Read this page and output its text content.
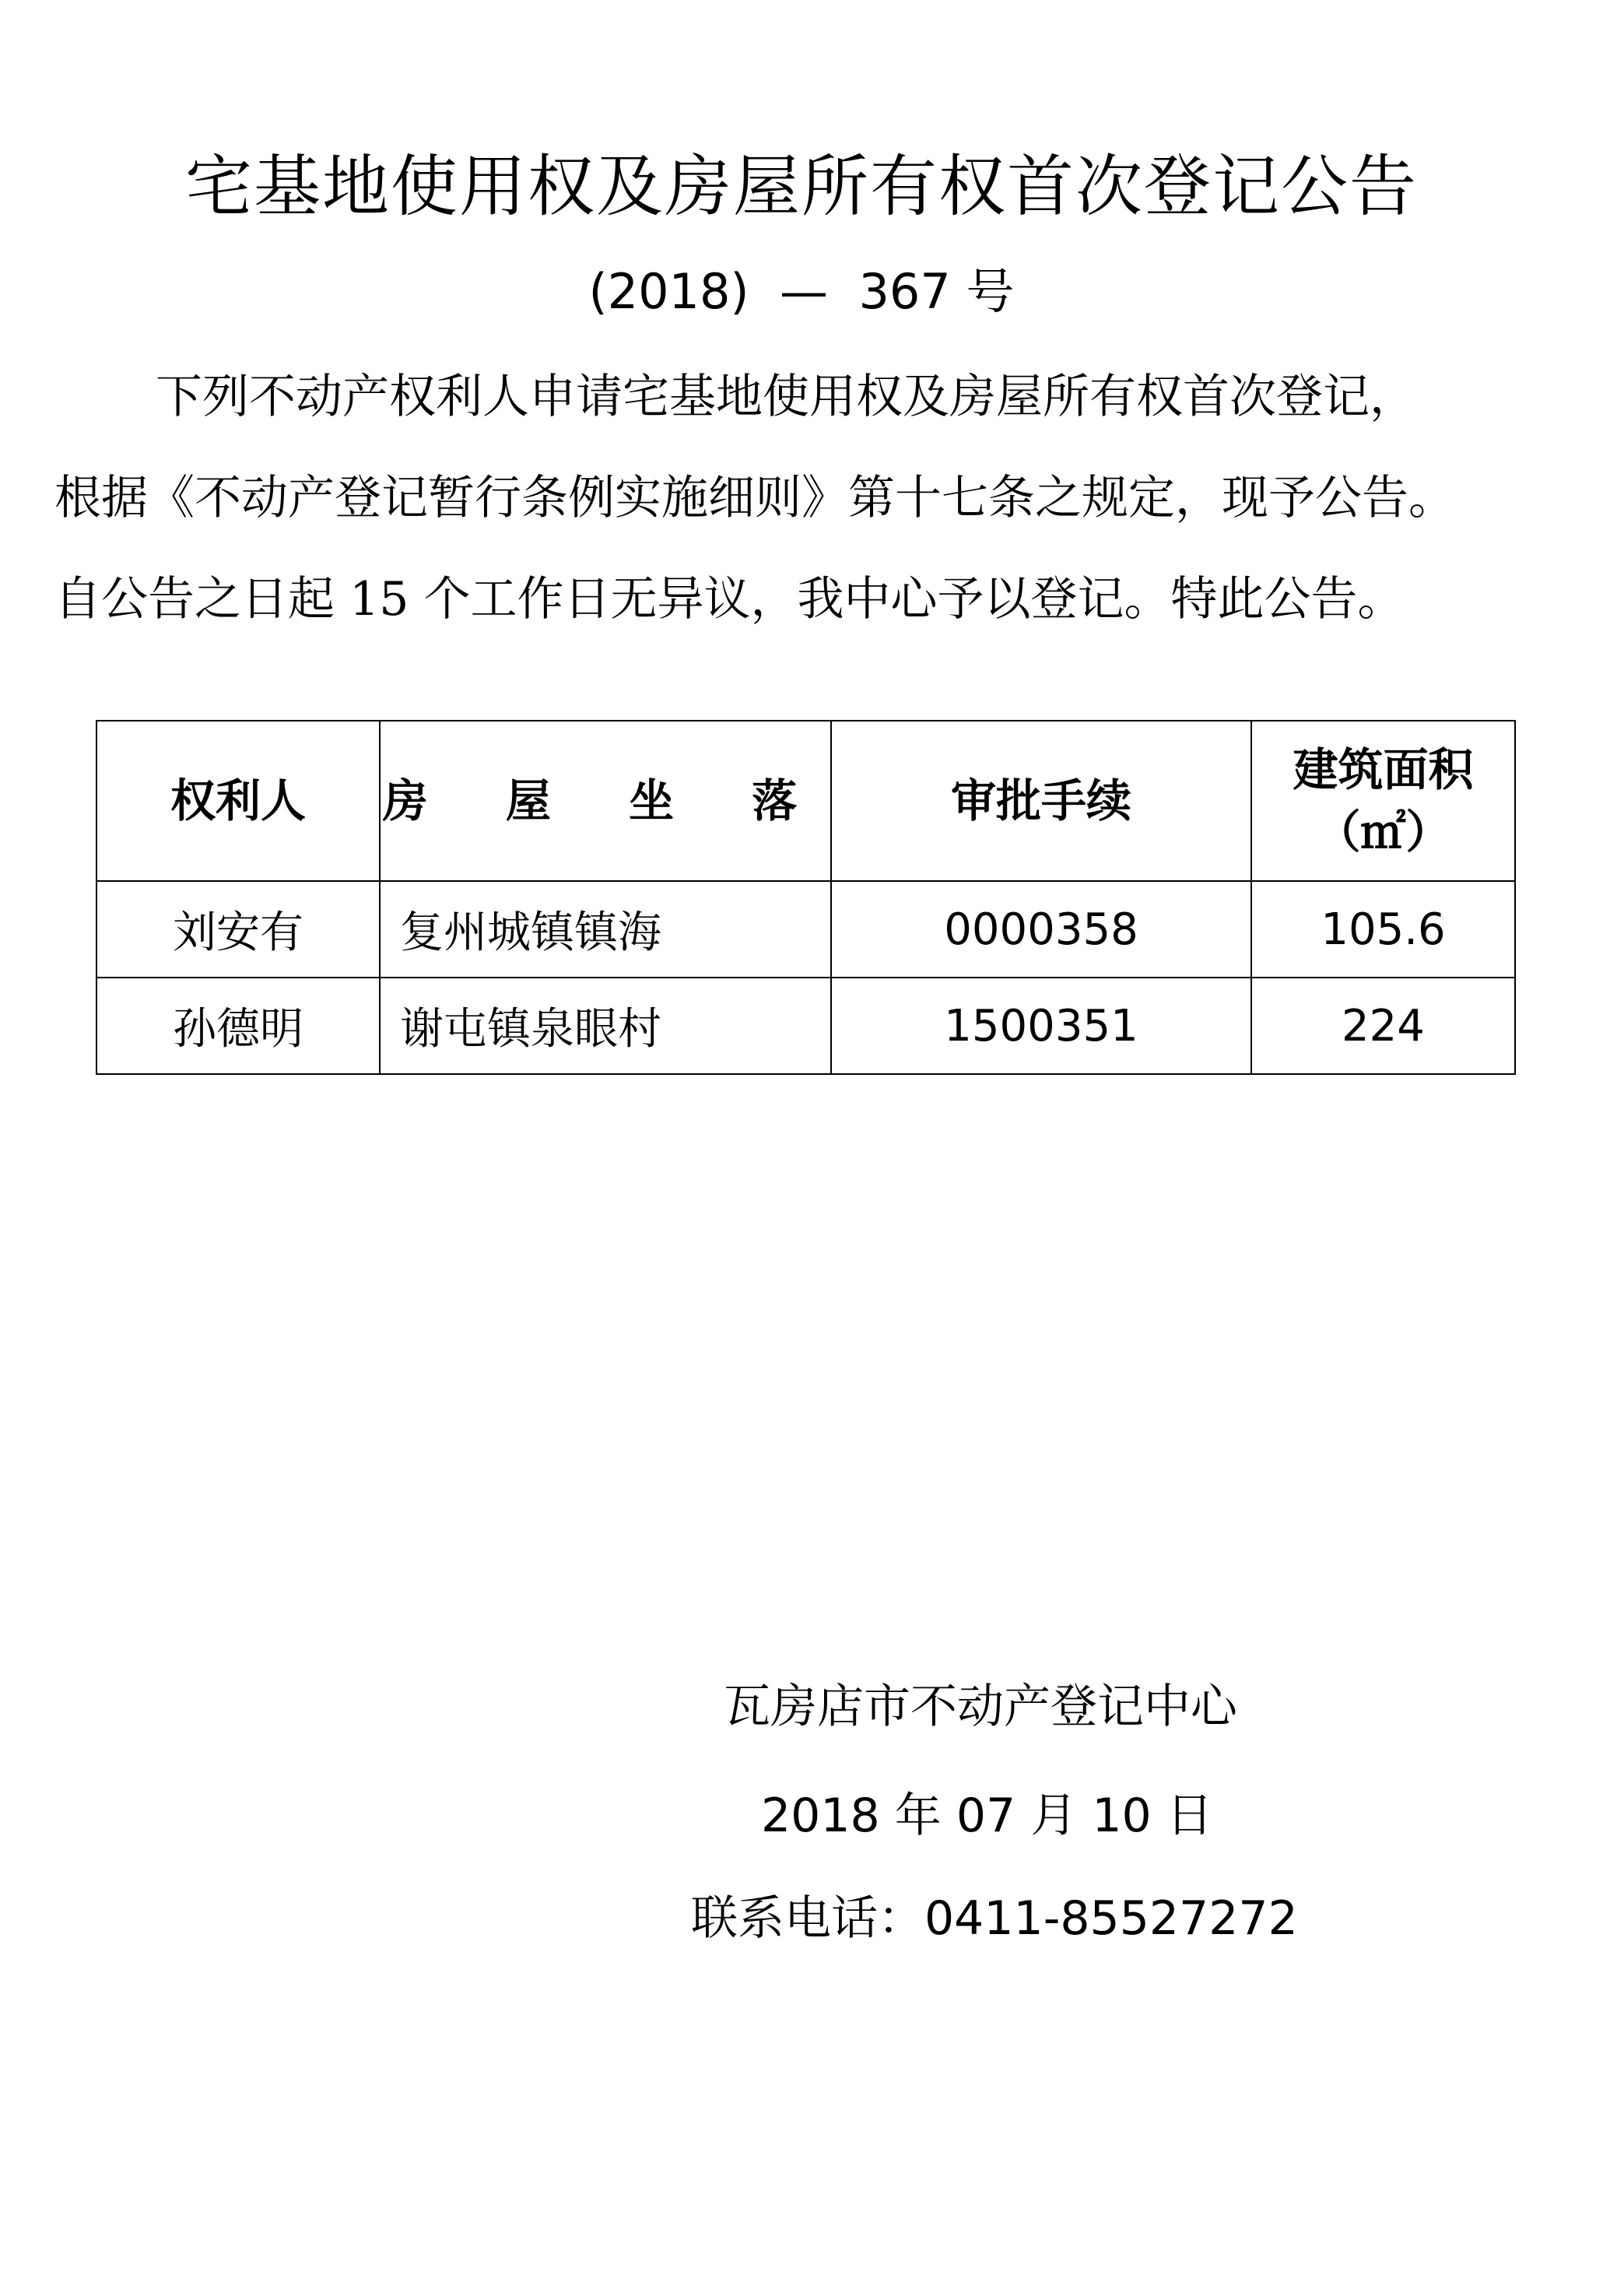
宅基地使用权及房屋所有权首次登记公告
(2018) — 367 号
下列不动产权利人申请宅基地使用权及房屋所有权首次登记，
根据《不动产登记暂行条例实施细则》第十七条之规定，现予公告。
自公告之日起 15 个工作日无异议，我中心予以登记。特此公告。
权利人	房 屋 坐 落	审批手续	建筑面积
（㎡）

刘安有	复州城镇镇海	0000358	105.6
孙德明	谢屯镇泉眼村	1500351	224
瓦房店市不动产登记中心
2018 年 07 月 10 日
联系电话：0411-85527272
